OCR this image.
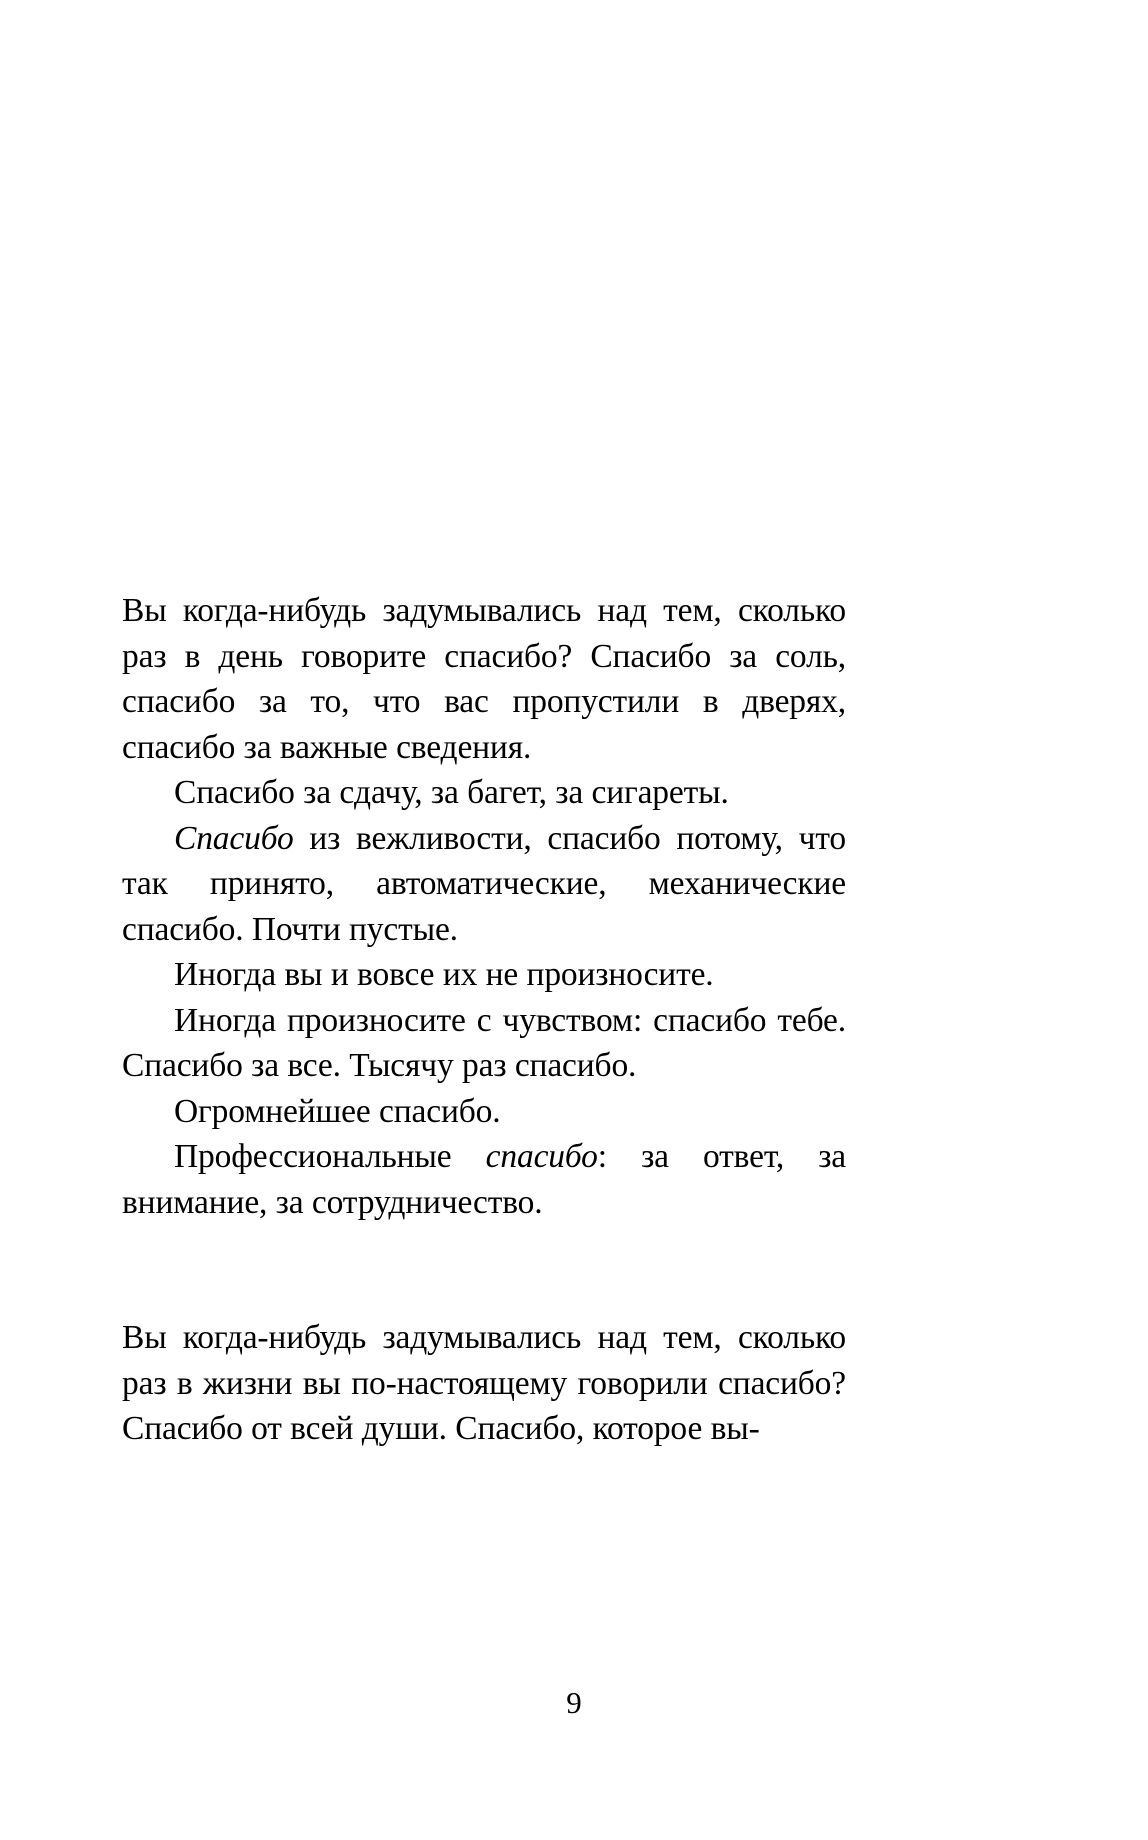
Вы когда-нибудь задумывались над тем, сколько раз в день говорите спасибо? Спасибо за соль, спасибо за то, что вас пропустили в дверях, спасибо за важные сведения.

Спасибо за сдачу, за багет, за сигареты.

Спасибо из вежливости, спасибо потому, что так принято, автоматические, механические спасибо. Почти пустые.

Иногда вы и вовсе их не произносите.

Иногда произносите с чувством: спасибо тебе. Спасибо за все. Тысячу раз спасибо.

Огромнейшее спасибо.

Профессиональные спасибо: за ответ, за внимание, за сотрудничество.

Вы когда-нибудь задумывались над тем, сколько раз в жизни вы по-настоящему говорили спасибо? Спасибо от всей души. Спасибо, которое вы-

9
